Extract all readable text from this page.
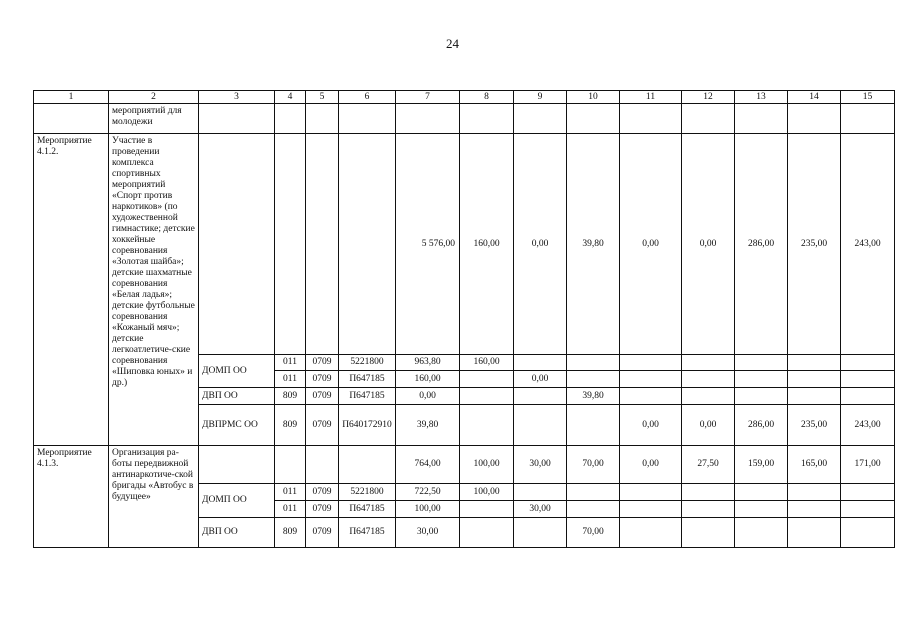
24
1	2	3	4	5	6	7	8	9	10	11	12	13	14	15
	мероприятий для молодежи													
Мероприятие 4.1.2.	Участие в проведении комплекса спортивных мероприятий «Спорт против наркотиков» (по художественной гимнастике; детские хоккейные соревнования «Золотая шайба»; детские шахматные соревнования «Белая ладья»; детские футбольные соревнования «Кожаный мяч»; детские легкоатлетиче-ские соревнования «Шиповка юных» и др.)					5 576,00	160,00	0,00	39,80	0,00	0,00	286,00	235,00	243,00
		ДОМП ОО	011	0709	5221800	963,80	160,00							
			011	0709	П647185	160,00		0,00						
		ДВП ОО	809	0709	П647185	0,00			39,80					
		ДВПРМС ОО	809	0709	П640172910	39,80				0,00	0,00	286,00	235,00	243,00
Мероприятие 4.1.3.	Организация ра-боты передвижной антинаркотиче-ской бригады «Автобус в будущее»					764,00	100,00	30,00	70,00	0,00	27,50	159,00	165,00	171,00
		ДОМП ОО	011	0709	5221800	722,50	100,00							
			011	0709	П647185	100,00		30,00						
		ДВП ОО	809	0709	П647185	30,00			70,00					
